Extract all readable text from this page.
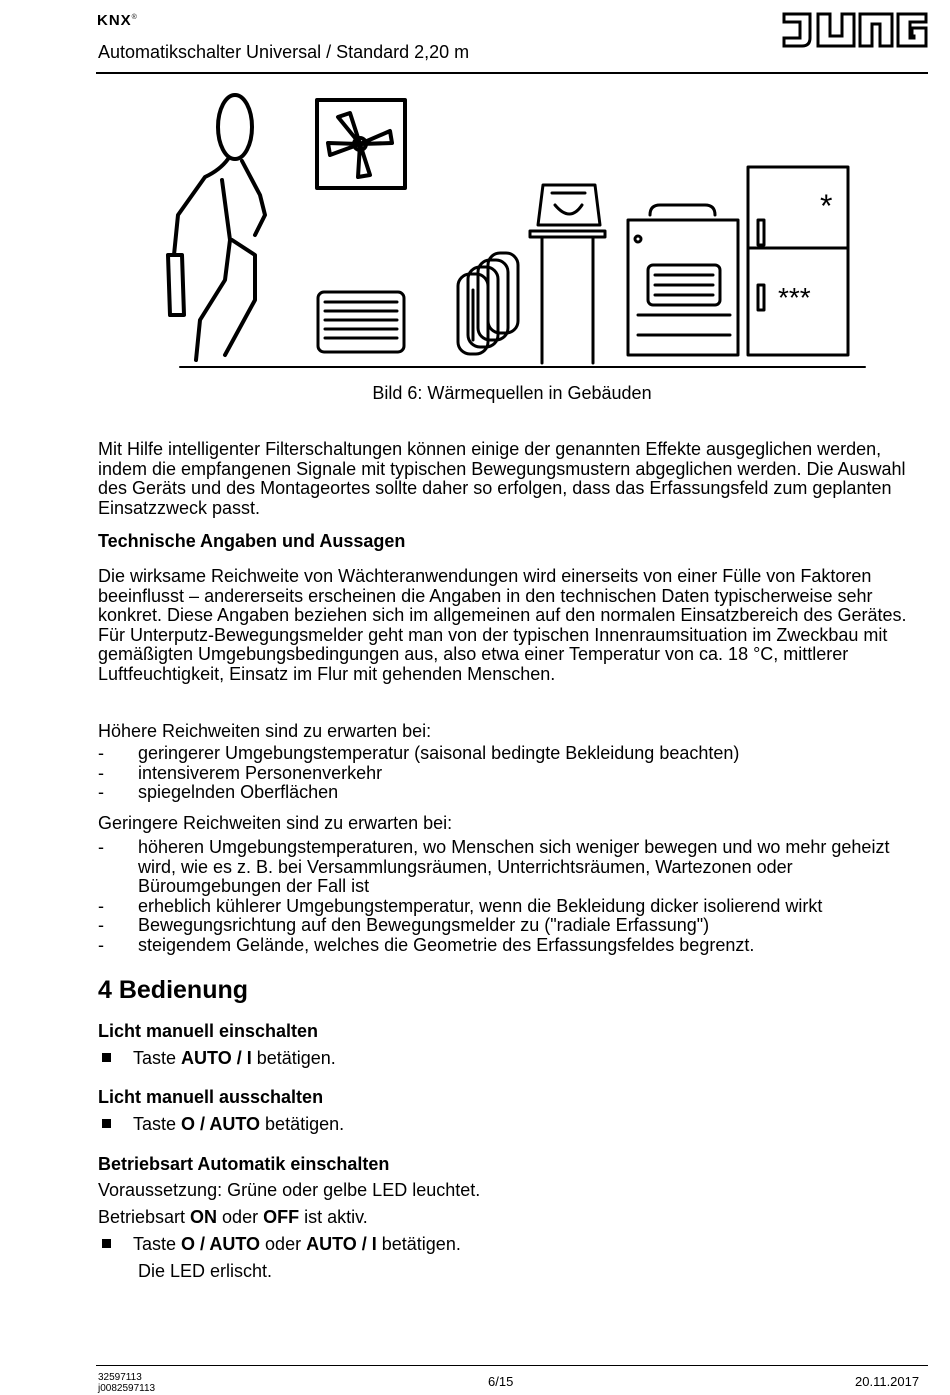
KNX®
Automatikschalter Universal / Standard 2,20 m
*
***
Bild 6: Wärmequellen in Gebäuden
Mit Hilfe intelligenter Filterschaltungen können einige der genannten Effekte ausgeglichen werden, indem die empfangenen Signale mit typischen Bewegungsmustern abgeglichen werden. Die Auswahl des Geräts und des Montageortes sollte daher so erfolgen, dass das Erfassungsfeld zum geplanten Einsatzzweck passt.
Technische Angaben und Aussagen
Die wirksame Reichweite von Wächteranwendungen wird einerseits von einer Fülle von Faktoren beeinflusst – andererseits erscheinen die Angaben in den technischen Daten typischerweise sehr konkret. Diese Angaben beziehen sich im allgemeinen auf den normalen Einsatzbereich des Gerätes. Für Unterputz-Bewegungsmelder geht man von der typischen Innenraumsituation im Zweckbau mit gemäßigten Umgebungsbedingungen aus, also etwa einer Temperatur von ca. 18 °C, mittlerer Luftfeuchtigkeit, Einsatz im Flur mit gehenden Menschen.
Höhere Reichweiten sind zu erwarten bei:
- geringerer Umgebungstemperatur (saisonal bedingte Bekleidung beachten)
- intensiverem Personenverkehr
- spiegelnden Oberflächen
Geringere Reichweiten sind zu erwarten bei:
- höheren Umgebungstemperaturen, wo Menschen sich weniger bewegen und wo mehr geheizt wird, wie es z. B. bei Versammlungsräumen, Unterrichtsräumen, Wartezonen oder Büroumgebungen der Fall ist
- erheblich kühlerer Umgebungstemperatur, wenn die Bekleidung dicker isolierend wirkt
- Bewegungsrichtung auf den Bewegungsmelder zu ("radiale Erfassung")
- steigendem Gelände, welches die Geometrie des Erfassungsfeldes begrenzt.
4 Bedienung
Licht manuell einschalten
Taste AUTO / I betätigen.
Licht manuell ausschalten
Taste O / AUTO betätigen.
Betriebsart Automatik einschalten
Voraussetzung: Grüne oder gelbe LED leuchtet.
Betriebsart ON oder OFF ist aktiv.
Taste O / AUTO oder AUTO / I betätigen.
Die LED erlischt.
32597113
j0082597113	6/15	20.11.2017
